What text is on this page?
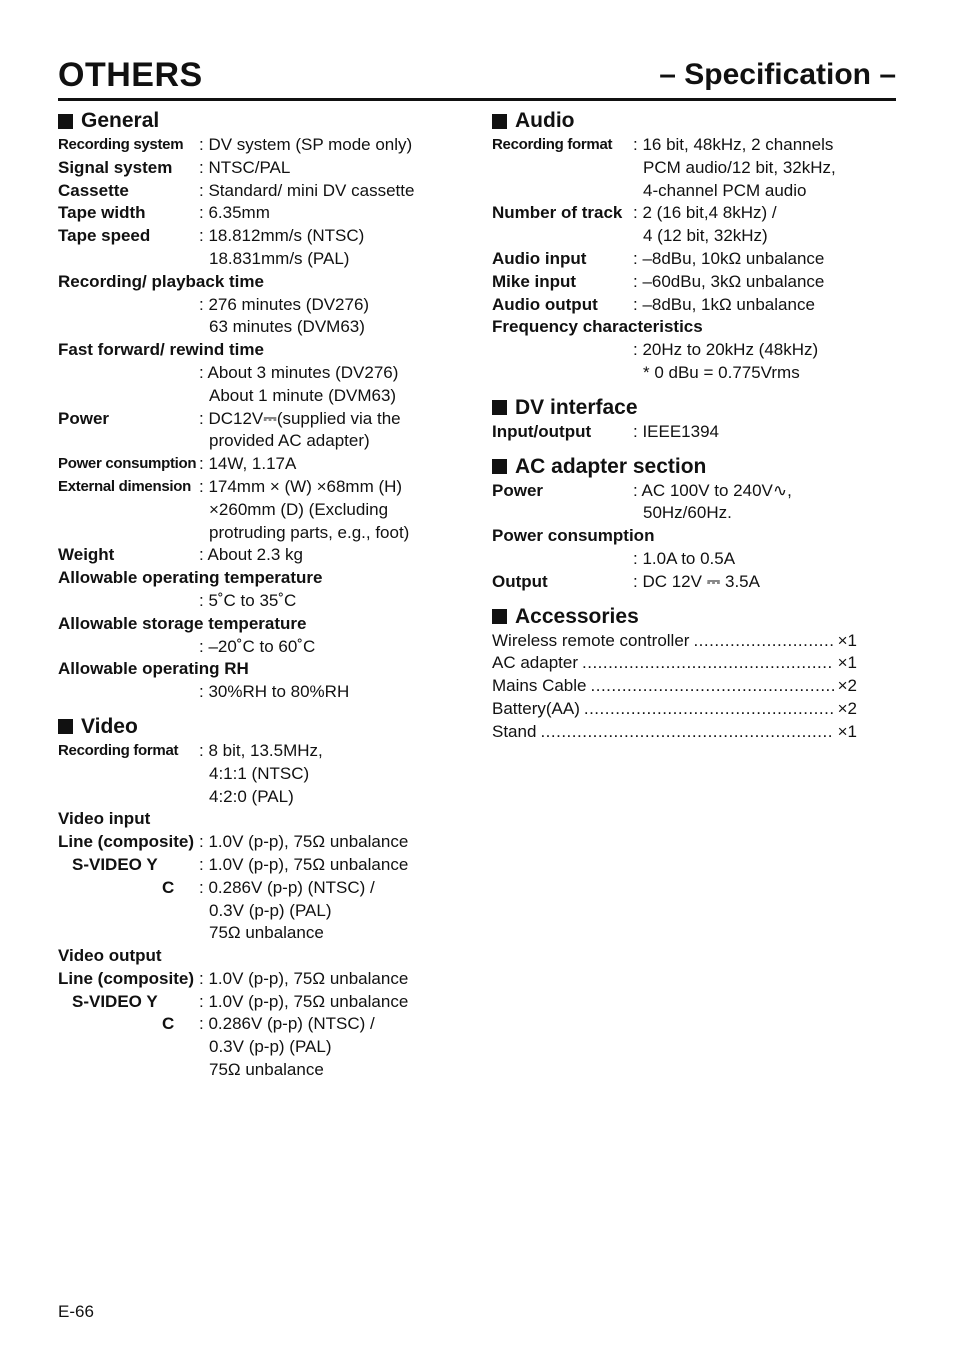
OTHERS	– Specification –
General
Recording system : DV system (SP mode only)
Signal system	: NTSC/PAL
Cassette	: Standard/ mini DV cassette
Tape width	: 6.35mm
Tape speed	: 18.812mm/s (NTSC)
18.831mm/s (PAL)
Recording/ playback time
: 276 minutes (DV276)
63 minutes (DVM63)
Fast forward/ rewind time
: About 3 minutes (DV276)
About 1 minute (DVM63)
Power	: DC12V⎓(supplied via the
provided AC adapter)
Power consumption : 14W, 1.17A
External dimension : 174mm × (W) ×68mm (H)
×260mm (D) (Excluding
protruding parts, e.g., foot)
Weight	: About 2.3 kg
Allowable operating temperature
: 5˚C to 35˚C
Allowable storage temperature
: –20˚C to 60˚C
Allowable operating RH
: 30%RH to 80%RH
Video
Recording format	: 8 bit, 13.5MHz,
4:1:1 (NTSC)
4:2:0 (PAL)
Video input
Line (composite) : 1.0V (p-p), 75Ω unbalance
S-VIDEO Y	: 1.0V (p-p), 75Ω unbalance
C	: 0.286V (p-p) (NTSC) /
0.3V (p-p) (PAL)
75Ω unbalance
Video output
Line (composite) : 1.0V (p-p), 75Ω unbalance
S-VIDEO Y	: 1.0V (p-p), 75Ω unbalance
C	: 0.286V (p-p) (NTSC) /
0.3V (p-p) (PAL)
75Ω unbalance
Audio
Recording format	: 16 bit, 48kHz, 2 channels
PCM audio/12 bit, 32kHz,
4-channel PCM audio
Number of track : 2 (16 bit,4 8kHz) /
4 (12 bit, 32kHz)
Audio input	: –8dBu, 10kΩ unbalance
Mike input	: –60dBu, 3kΩ unbalance
Audio output	: –8dBu, 1kΩ unbalance
Frequency characteristics
: 20Hz to 20kHz (48kHz)
* 0 dBu = 0.775Vrms
DV interface
Input/output	: IEEE1394
AC adapter section
Power	: AC 100V to 240V∿,
50Hz/60Hz.
Power consumption
: 1.0A to 0.5A
Output	: DC 12V ⎓ 3.5A
Accessories
Wireless remote controller .....	×1
AC adapter .....	×1
Mains Cable .....	×2
Battery(AA) .....	×2
Stand .....	×1
E-66
